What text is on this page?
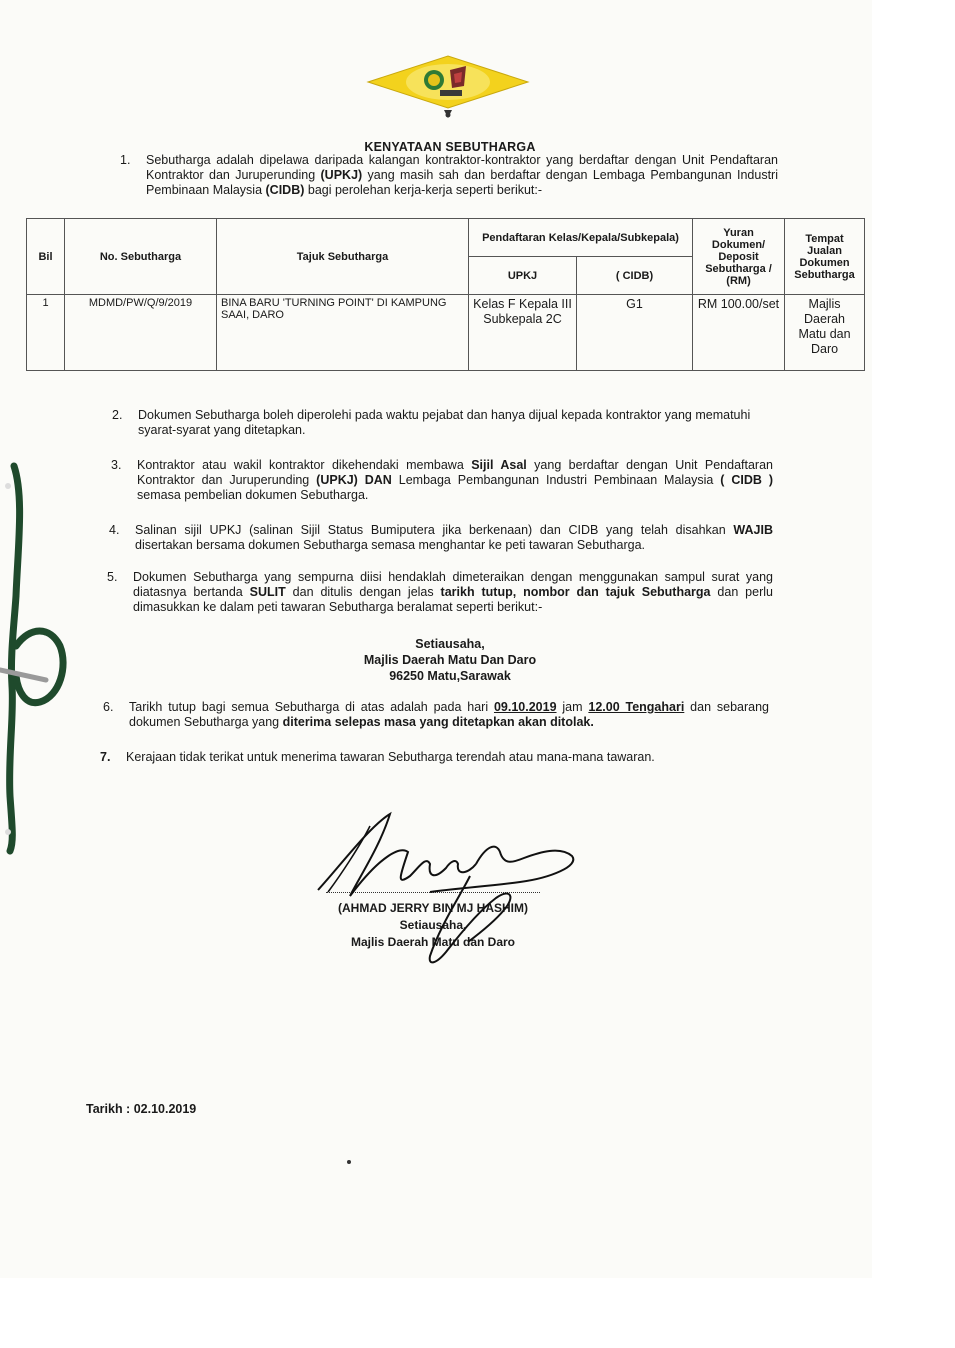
KENYATAAN SEBUTHARGA
1. Sebutharga adalah dipelawa daripada kalangan kontraktor-kontraktor yang berdaftar dengan Unit Pendaftaran Kontraktor dan Juruperunding (UPKJ) yang masih sah dan berdaftar dengan Lembaga Pembangunan Industri Pembinaan Malaysia (CIDB) bagi perolehan kerja-kerja seperti berikut:-
Bil	No. Sebutharga	Tajuk Sebutharga	Pendaftaran Kelas/Kepala/Subkepala)		Yuran Dokumen/ Deposit Sebutharga / (RM)	Tempat Jualan Dokumen Sebutharga
			UPKJ	( CIDB)		
1	MDMD/PW/Q/9/2019	BINA BARU 'TURNING POINT' DI KAMPUNG SAAI, DARO	Kelas F Kepala III Subkepala 2C	G1	RM 100.00/set	Majlis Daerah Matu dan Daro
2. Dokumen Sebutharga boleh diperolehi pada waktu pejabat dan hanya dijual kepada kontraktor yang mematuhi syarat-syarat yang ditetapkan.
3. Kontraktor atau wakil kontraktor dikehendaki membawa Sijil Asal yang berdaftar dengan Unit Pendaftaran Kontraktor dan Juruperunding (UPKJ) DAN Lembaga Pembangunan Industri Pembinaan Malaysia ( CIDB ) semasa pembelian dokumen Sebutharga.
4. Salinan sijil UPKJ (salinan Sijil Status Bumiputera jika berkenaan) dan CIDB yang telah disahkan WAJIB disertakan bersama dokumen Sebutharga semasa menghantar ke peti tawaran Sebutharga.
5. Dokumen Sebutharga yang sempurna diisi hendaklah dimeteraikan dengan menggunakan sampul surat yang diatasnya bertanda SULIT dan ditulis dengan jelas tarikh tutup, nombor dan tajuk Sebutharga dan perlu dimasukkan ke dalam peti tawaran Sebutharga beralamat seperti berikut:-
Setiausaha,
Majlis Daerah Matu Dan Daro
96250 Matu,Sarawak
6. Tarikh tutup bagi semua Sebutharga di atas adalah pada hari 09.10.2019 jam 12.00 Tengahari dan sebarang dokumen Sebutharga yang diterima selepas masa yang ditetapkan akan ditolak.
7. Kerajaan tidak terikat untuk menerima tawaran Sebutharga terendah atau mana-mana tawaran.
(AHMAD JERRY BIN MJ HASHIM)
Setiausaha,
Majlis Daerah Matu dan Daro
Tarikh : 02.10.2019
